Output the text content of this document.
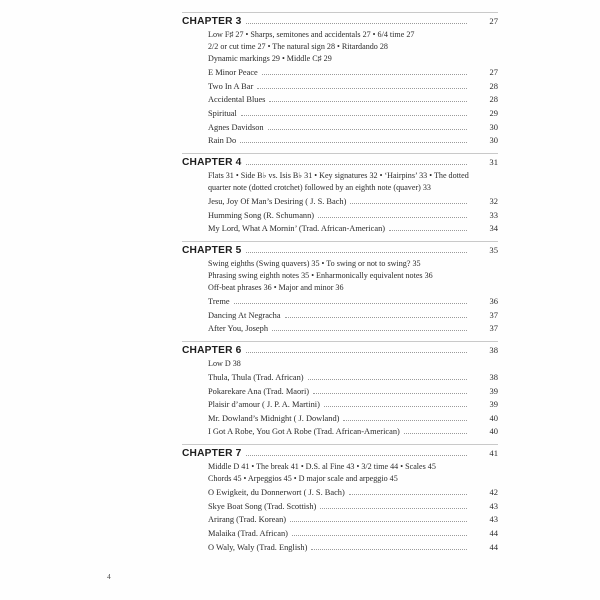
CHAPTER 3	27
Low F♯ 27 • Sharps, semitones and accidentals 27 • 6/4 time 27
2/2 or cut time 27 • The natural sign 28 • Ritardando 28
Dynamic markings 29 • Middle C♯ 29
E Minor Peace	27
Two In A Bar	28
Accidental Blues	28
Spiritual	29
Agnes Davidson	30
Rain Do	30
CHAPTER 4	31
Flats 31 • Side B♭ vs. Isis B♭ 31 • Key signatures 32 • ‘Hairpins’ 33 • The dotted
quarter note (dotted crotchet) followed by an eighth note (quaver) 33
Jesu, Joy Of Man’s Desiring ( J. S. Bach)	32
Humming Song (R. Schumann)	33
My Lord, What A Mornin’ (Trad. African-American)	34
CHAPTER 5	35
Swing eighths (Swing quavers) 35 • To swing or not to swing? 35
Phrasing swing eighth notes 35 • Enharmonically equivalent notes 36
Off-beat phrases 36 • Major and minor 36
Treme	36
Dancing At Negracha	37
After You, Joseph	37
CHAPTER 6	38
Low D 38
Thula, Thula (Trad. African)	38
Pokarekare Ana (Trad. Maori)	39
Plaisir d’amour ( J. P. A. Martini)	39
Mr. Dowland’s Midnight ( J. Dowland)	40
I Got A Robe, You Got A Robe (Trad. African-American)	40
CHAPTER 7	41
Middle D 41 • The break 41 • D.S. al Fine 43 • 3/2 time 44 • Scales 45
Chords 45 • Arpeggios 45 • D major scale and arpeggio 45
O Ewigkeit, du Donnerwort ( J. S. Bach)	42
Skye Boat Song (Trad. Scottish)	43
Arirang (Trad. Korean)	43
Malaika (Trad. African)	44
O Waly, Waly (Trad. English)	44
4
